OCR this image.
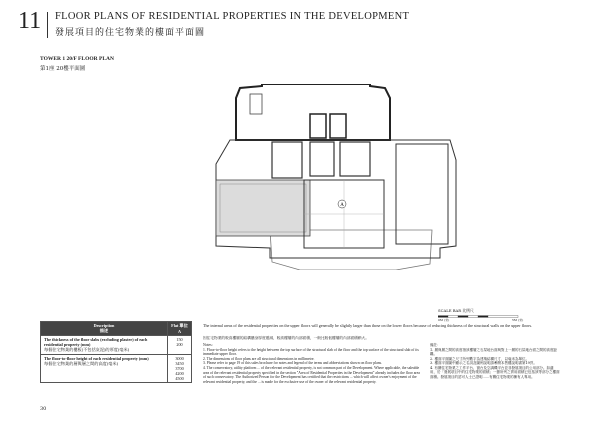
11 FLOOR PLANS OF RESIDENTIAL PROPERTIES IN THE DEVELOPMENT
發展項目的住宅物業的樓面平面圖
TOWER 1 20/F FLOOR PLAN
第1座 20樓平面圖
A
SCALE BAR 比例尺
0M (米)	5M (米)
Description
描述	Flat 單位
A
The thickness of the floor slabs (excluding plaster) of each residential property (mm)
每個住宅物業的樓板(不包括灰泥)的厚度(毫米)	150
200
The floor-to-floor height of each residential property (mm)
每個住宅物業的層與層之間的高度(毫米)	3000
3450
3700
4200
4500
The internal areas of the residential properties on the upper floors will generally be slightly larger than those on the lower floors because of reducing thickness of the structural walls on the upper floors.
因住宅物業的較高樓層的結構牆身厚度遞減，較高樓層的內部面積，一般比較低樓層的內部面積稍大。
Notes:
1. Floor-to-floor height refers to the height between the top surface of the structural slab of the floor and the top surface of the structural slab of its immediate upper floor.
2. The dimensions of floor plans are all structural dimensions in millimetre.
3. Please refer to page 19 of this sales brochure for notes and legend of the terms and abbreviations shown on floor plans.
4. The conservatory, utility platform ... of the relevant residential property, is not common part of the Development. Where applicable, the saleable area of the relevant residential property specified in the section "Area of Residential Properties in the Development" already includes the floor area of such conservatory. The Authorized Person for the Development has certified that the restrictions ... which will affect owner's enjoyment of the relevant residential property, and the ... is made for the exclusive use of the owner of the relevant residential property.
備註：
1. 層與層之間的高度指該樓層之石屎地台面與對上一層的石屎地台面之間的高度距離。
2. 樓面平面圖之尺寸所列數字為建築結構尺寸，以毫米為單位。
3. 樓面平面圖中顯示之名詞及圖例說明請參閱本售樓說明書第19頁。
4. 有關住宅物業之工作平台、窗台及空調機平台並非發展項目的公用部分。如適用，於「發展項目中的住宅物業的面積」一節所列之實用面積已包括該等部分之樓面面積。發展項目的認可人士已證明......有關住宅物業的擁有人專用。
30
